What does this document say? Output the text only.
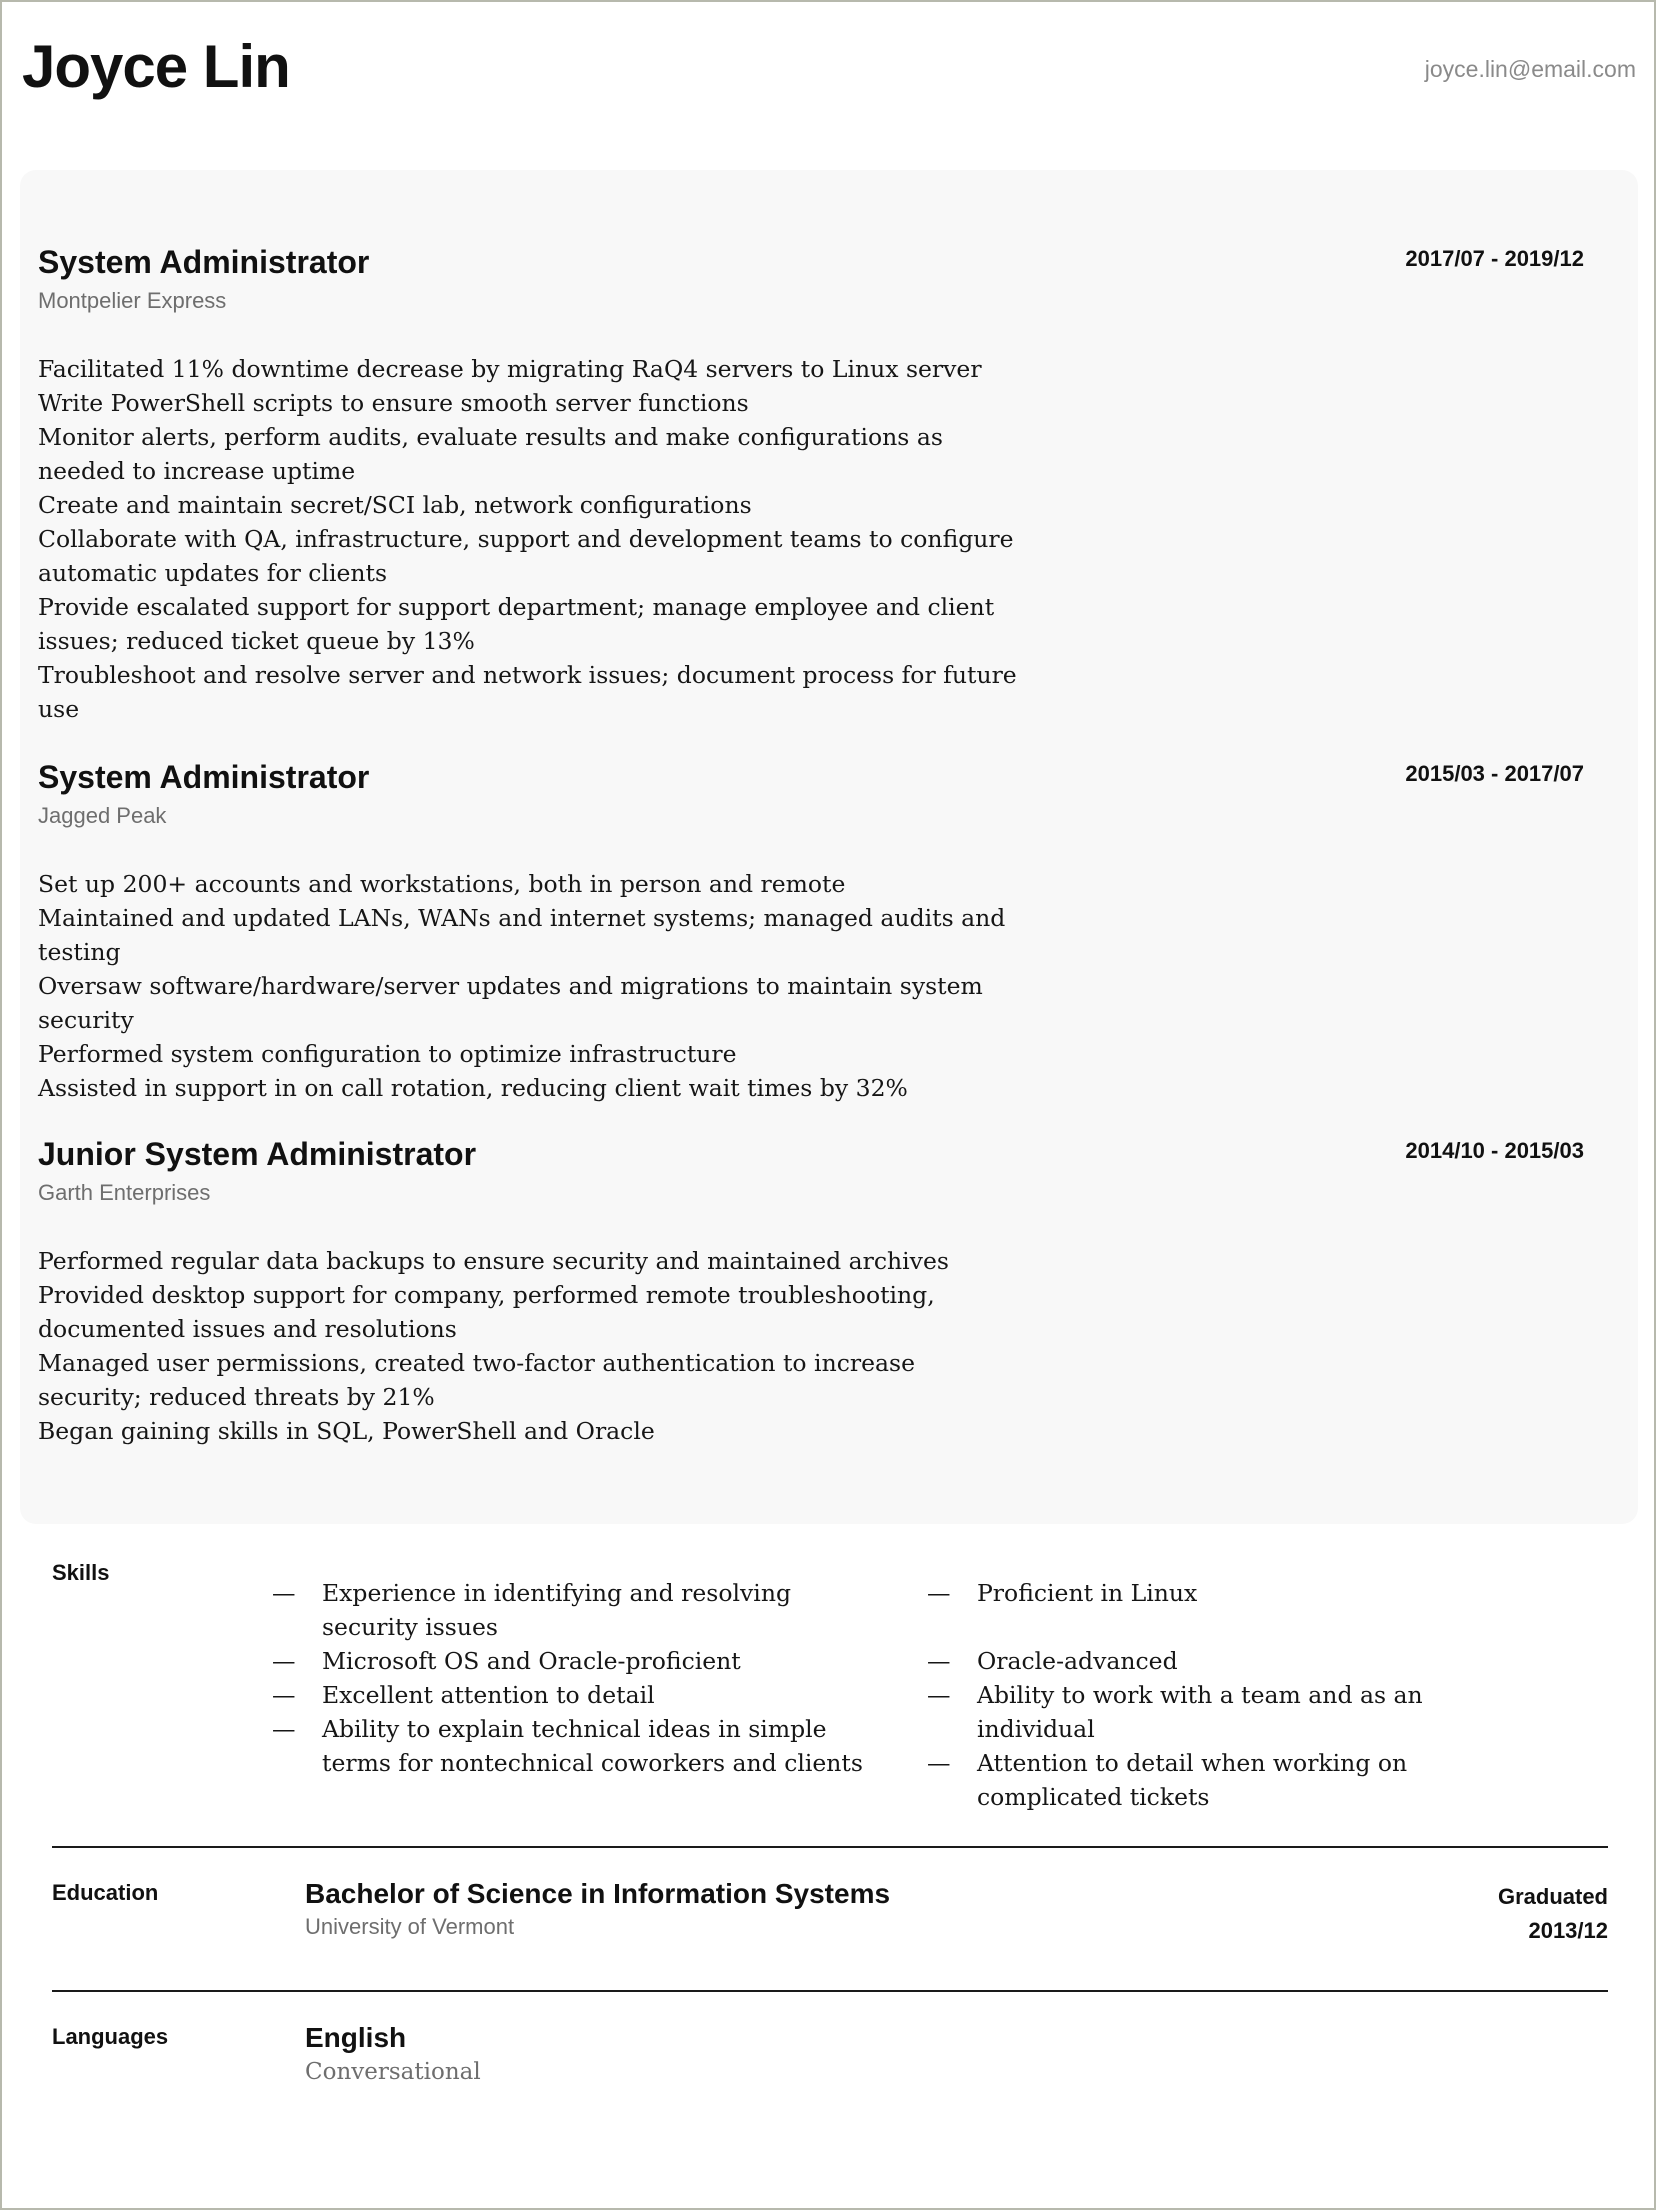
Joyce Lin	joyce.lin@email.com
System Administrator	2017/07 - 2019/12
Montpelier Express
Facilitated 11% downtime decrease by migrating RaQ4 servers to Linux server
Write PowerShell scripts to ensure smooth server functions
Monitor alerts, perform audits, evaluate results and make configurations as needed to increase uptime
Create and maintain secret/SCI lab, network configurations
Collaborate with QA, infrastructure, support and development teams to configure automatic updates for clients
Provide escalated support for support department; manage employee and client issues; reduced ticket queue by 13%
Troubleshoot and resolve server and network issues; document process for future use
System Administrator	2015/03 - 2017/07
Jagged Peak
Set up 200+ accounts and workstations, both in person and remote
Maintained and updated LANs, WANs and internet systems; managed audits and testing
Oversaw software/hardware/server updates and migrations to maintain system security
Performed system configuration to optimize infrastructure
Assisted in support in on call rotation, reducing client wait times by 32%
Junior System Administrator	2014/10 - 2015/03
Garth Enterprises
Performed regular data backups to ensure security and maintained archives
Provided desktop support for company, performed remote troubleshooting, documented issues and resolutions
Managed user permissions, created two-factor authentication to increase security; reduced threats by 21%
Began gaining skills in SQL, PowerShell and Oracle
Skills
— Experience in identifying and resolving security issues
— Microsoft OS and Oracle-proficient
— Excellent attention to detail
— Ability to explain technical ideas in simple terms for nontechnical coworkers and clients
— Proficient in Linux
— Oracle-advanced
— Ability to work with a team and as an individual
— Attention to detail when working on complicated tickets
Education	Bachelor of Science in Information Systems
University of Vermont
Graduated
2013/12
Languages	English
Conversational
